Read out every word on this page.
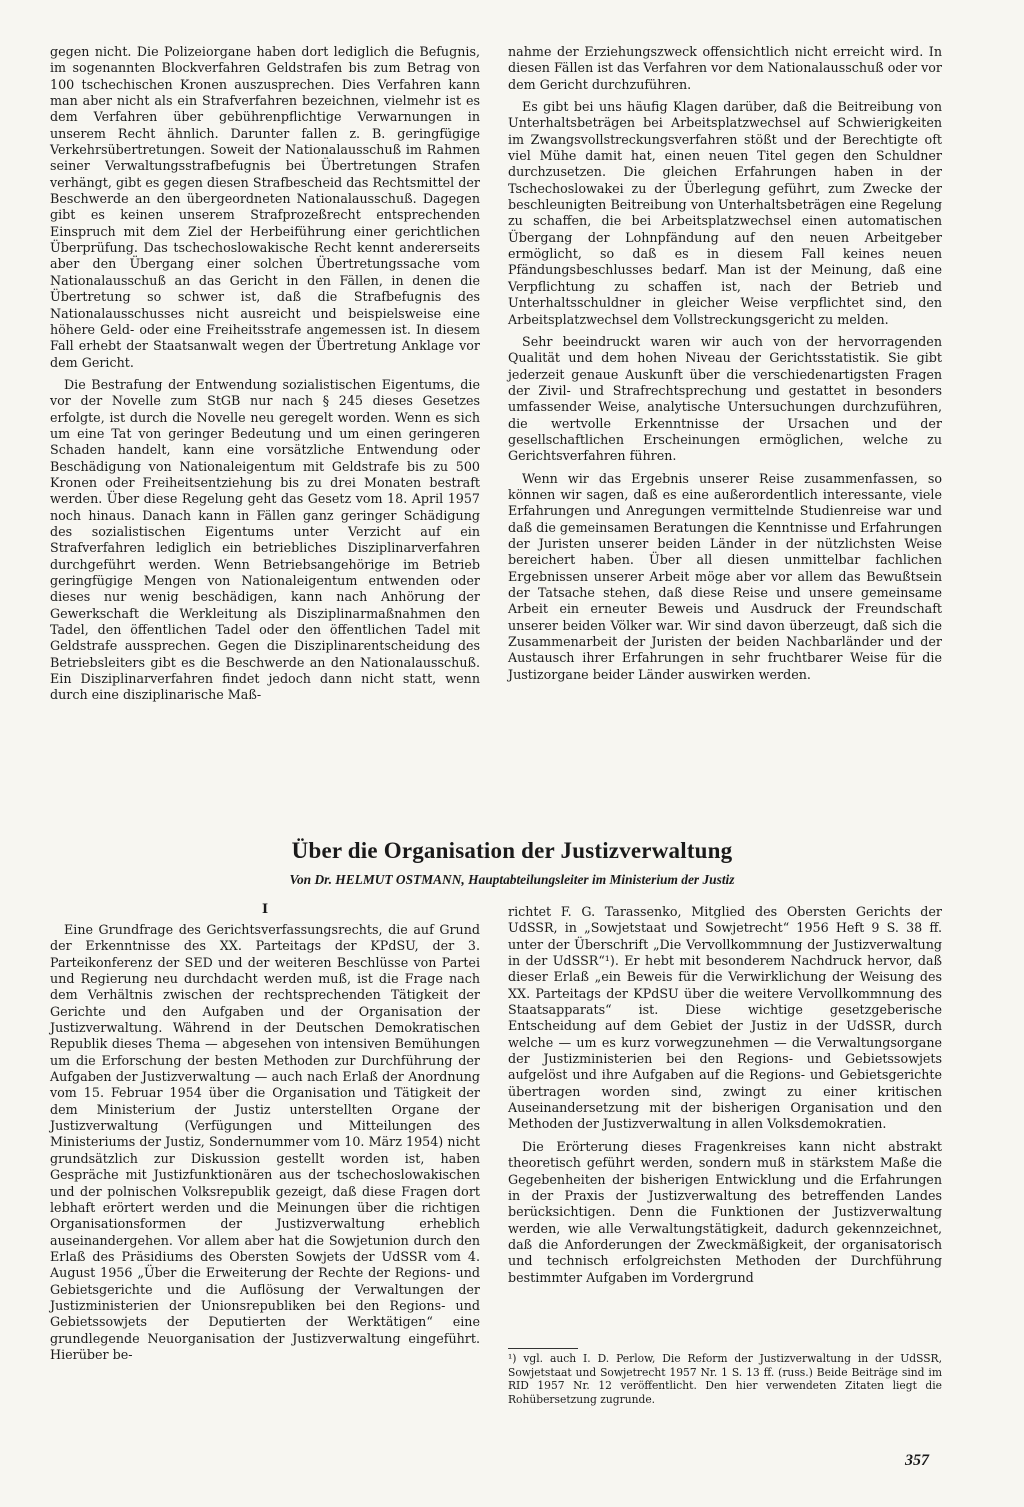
gegen nicht. Die Polizeiorgane haben dort lediglich die Befugnis, im sogenannten Blockverfahren Geldstrafen bis zum Betrag von 100 tschechischen Kronen auszusprechen. Dies Verfahren kann man aber nicht als ein Strafverfahren bezeichnen, vielmehr ist es dem Verfahren über gebührenpflichtige Verwarnungen in unserem Recht ähnlich. Darunter fallen z. B. geringfügige Verkehrsübertretungen. Soweit der Nationalausschuß im Rahmen seiner Verwaltungsstrafbefugnis bei Übertretungen Strafen verhängt, gibt es gegen diesen Strafbescheid das Rechtsmittel der Beschwerde an den übergeordneten Nationalausschuß. Dagegen gibt es keinen unserem Strafprozeßrecht entsprechenden Einspruch mit dem Ziel der Herbeiführung einer gerichtlichen Überprüfung. Das tschechoslowakische Recht kennt andererseits aber den Übergang einer solchen Übertretungssache vom Nationalausschuß an das Gericht in den Fällen, in denen die Übertretung so schwer ist, daß die Strafbefugnis des Nationalausschusses nicht ausreicht und beispielsweise eine höhere Geld- oder eine Freiheitsstrafe angemessen ist. In diesem Fall erhebt der Staatsanwalt wegen der Übertretung Anklage vor dem Gericht.

Die Bestrafung der Entwendung sozialistischen Eigentums, die vor der Novelle zum StGB nur nach § 245 dieses Gesetzes erfolgte, ist durch die Novelle neu geregelt worden. Wenn es sich um eine Tat von geringer Bedeutung und um einen geringeren Schaden handelt, kann eine vorsätzliche Entwendung oder Beschädigung von Nationaleigentum mit Geldstrafe bis zu 500 Kronen oder Freiheitsentziehung bis zu drei Monaten bestraft werden. Über diese Regelung geht das Gesetz vom 18. April 1957 noch hinaus. Danach kann in Fällen ganz geringer Schädigung des sozialistischen Eigentums unter Verzicht auf ein Strafverfahren lediglich ein betriebliches Disziplinarverfahren durchgeführt werden. Wenn Betriebsangehörige im Betrieb geringfügige Mengen von Nationaleigentum entwenden oder dieses nur wenig beschädigen, kann nach Anhörung der Gewerkschaft die Werkleitung als Disziplinarmaßnahmen den Tadel, den öffentlichen Tadel oder den öffentlichen Tadel mit Geldstrafe aussprechen. Gegen die Disziplinarentscheidung des Betriebsleiters gibt es die Beschwerde an den Nationalausschuß. Ein Disziplinarverfahren findet jedoch dann nicht statt, wenn durch eine disziplinarische Maß-

nahme der Erziehungszweck offensichtlich nicht erreicht wird. In diesen Fällen ist das Verfahren vor dem Nationalausschuß oder vor dem Gericht durchzuführen.

Es gibt bei uns häufig Klagen darüber, daß die Beitreibung von Unterhaltsbeträgen bei Arbeitsplatzwechsel auf Schwierigkeiten im Zwangsvollstreckungsverfahren stößt und der Berechtigte oft viel Mühe damit hat, einen neuen Titel gegen den Schuldner durchzusetzen. Die gleichen Erfahrungen haben in der Tschechoslowakei zu der Überlegung geführt, zum Zwecke der beschleunigten Beitreibung von Unterhaltsbeträgen eine Regelung zu schaffen, die bei Arbeitsplatzwechsel einen automatischen Übergang der Lohnpfändung auf den neuen Arbeitgeber ermöglicht, so daß es in diesem Fall keines neuen Pfändungsbeschlusses bedarf. Man ist der Meinung, daß eine Verpflichtung zu schaffen ist, nach der Betrieb und Unterhaltsschuldner in gleicher Weise verpflichtet sind, den Arbeitsplatzwechsel dem Vollstreckungsgericht zu melden.

Sehr beeindruckt waren wir auch von der hervorragenden Qualität und dem hohen Niveau der Gerichtsstatistik. Sie gibt jederzeit genaue Auskunft über die verschiedenartigsten Fragen der Zivil- und Strafrechtsprechung und gestattet in besonders umfassender Weise, analytische Untersuchungen durchzuführen, die wertvolle Erkenntnisse der Ursachen und der gesellschaftlichen Erscheinungen ermöglichen, welche zu Gerichtsverfahren führen.

Wenn wir das Ergebnis unserer Reise zusammenfassen, so können wir sagen, daß es eine außerordentlich interessante, viele Erfahrungen und Anregungen vermittelnde Studienreise war und daß die gemeinsamen Beratungen die Kenntnisse und Erfahrungen der Juristen unserer beiden Länder in der nützlichsten Weise bereichert haben. Über all diesen unmittelbar fachlichen Ergebnissen unserer Arbeit möge aber vor allem das Bewußtsein der Tatsache stehen, daß diese Reise und unsere gemeinsame Arbeit ein erneuter Beweis und Ausdruck der Freundschaft unserer beiden Völker war. Wir sind davon überzeugt, daß sich die Zusammenarbeit der Juristen der beiden Nachbarländer und der Austausch ihrer Erfahrungen in sehr fruchtbarer Weise für die Justizorgane beider Länder auswirken werden.

Über die Organisation der Justizverwaltung
Von Dr. HELMUT OSTMANN, Hauptabteilungsleiter im Ministerium der Justiz
I

Eine Grundfrage des Gerichtsverfassungsrechts, die auf Grund der Erkenntnisse des XX. Parteitags der KPdSU, der 3. Parteikonferenz der SED und der weiteren Beschlüsse von Partei und Regierung neu durchdacht werden muß, ist die Frage nach dem Verhältnis zwischen der rechtsprechenden Tätigkeit der Gerichte und den Aufgaben und der Organisation der Justizverwaltung. Während in der Deutschen Demokratischen Republik dieses Thema — abgesehen von intensiven Bemühungen um die Erforschung der besten Methoden zur Durchführung der Aufgaben der Justizverwaltung — auch nach Erlaß der Anordnung vom 15. Februar 1954 über die Organisation und Tätigkeit der dem Ministerium der Justiz unterstellten Organe der Justizverwaltung (Verfügungen und Mitteilungen des Ministeriums der Justiz, Sondernummer vom 10. März 1954) nicht grundsätzlich zur Diskussion gestellt worden ist, haben Gespräche mit Justizfunktionären aus der tschechoslowakischen und der polnischen Volksrepublik gezeigt, daß diese Fragen dort lebhaft erörtert werden und die Meinungen über die richtigen Organisationsformen der Justizverwaltung erheblich auseinandergehen. Vor allem aber hat die Sowjetunion durch den Erlaß des Präsidiums des Obersten Sowjets der UdSSR vom 4. August 1956 „Über die Erweiterung der Rechte der Regions- und Gebietsgerichte und die Auflösung der Verwaltungen der Justizministerien der Unionsrepubliken bei den Regions- und Gebietssowjets der Deputierten der Werktätigen“ eine grundlegende Neuorganisation der Justizverwaltung eingeführt. Hierüber be-

richtet F. G. Tarassenko, Mitglied des Obersten Gerichts der UdSSR, in „Sowjetstaat und Sowjetrecht“ 1956 Heft 9 S. 38 ff. unter der Überschrift „Die Vervollkommnung der Justizverwaltung in der UdSSR“¹). Er hebt mit besonderem Nachdruck hervor, daß dieser Erlaß „ein Beweis für die Verwirklichung der Weisung des XX. Parteitags der KPdSU über die weitere Vervollkommnung des Staatsapparats“ ist. Diese wichtige gesetzgeberische Entscheidung auf dem Gebiet der Justiz in der UdSSR, durch welche — um es kurz vorwegzunehmen — die Verwaltungsorgane der Justizministerien bei den Regions- und Gebietssowjets aufgelöst und ihre Aufgaben auf die Regions- und Gebietsgerichte übertragen worden sind, zwingt zu einer kritischen Auseinandersetzung mit der bisherigen Organisation und den Methoden der Justizverwaltung in allen Volksdemokratien.

Die Erörterung dieses Fragenkreises kann nicht abstrakt theoretisch geführt werden, sondern muß in stärkstem Maße die Gegebenheiten der bisherigen Entwicklung und die Erfahrungen in der Praxis der Justizverwaltung des betreffenden Landes berücksichtigen. Denn die Funktionen der Justizverwaltung werden, wie alle Verwaltungstätigkeit, dadurch gekennzeichnet, daß die Anforderungen der Zweckmäßigkeit, der organisatorisch und technisch erfolgreichsten Methoden der Durchführung bestimmter Aufgaben im Vordergrund

¹) vgl. auch I. D. Perlow, Die Reform der Justizverwaltung in der UdSSR, Sowjetstaat und Sowjetrecht 1957 Nr. 1 S. 13 ff. (russ.) Beide Beiträge sind im RID 1957 Nr. 12 veröffentlicht. Den hier verwendeten Zitaten liegt die Rohübersetzung zugrunde.
357
